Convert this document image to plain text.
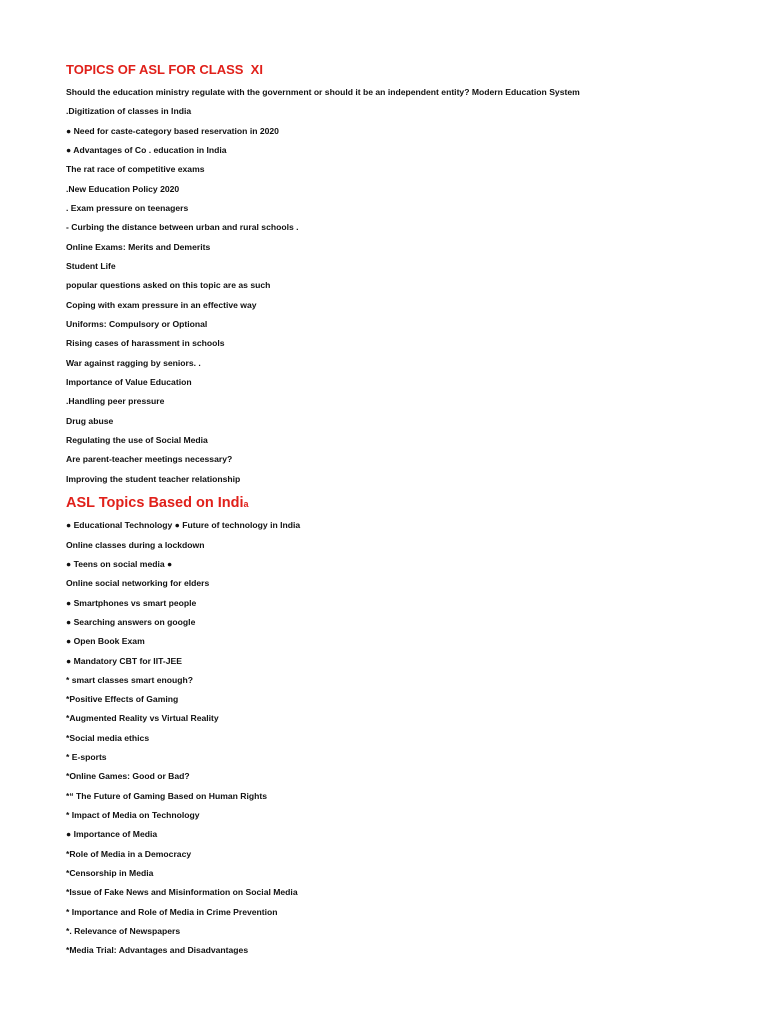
TOPICS OF ASL FOR CLASS  XI
Should the education ministry regulate with the government or should it be an independent entity? Modern Education System
.Digitization of classes in India
● Need for caste-category based reservation in 2020
● Advantages of Co . education in India
The rat race of competitive exams
.New Education Policy 2020
. Exam pressure on teenagers
- Curbing the distance between urban and rural schools .
Online Exams: Merits and Demerits
Student Life
popular questions asked on this topic are as such
Coping with exam pressure in an effective way
Uniforms: Compulsory or Optional
Rising cases of harassment in schools
War against ragging by seniors. .
Importance of Value Education
.Handling peer pressure
Drug abuse
Regulating the use of Social Media
Are parent-teacher meetings necessary?
Improving the student teacher relationship
ASL Topics Based on India
● Educational Technology ● Future of technology in India
Online classes during a lockdown
● Teens on social media ●
Online social networking for elders
● Smartphones vs smart people
● Searching answers on google
● Open Book Exam
● Mandatory CBT for IIT-JEE
* smart classes smart enough?
*Positive Effects of Gaming
*Augmented Reality vs Virtual Reality
*Social media ethics
* E-sports
*Online Games: Good or Bad?
*“ The Future of Gaming Based on Human Rights
* Impact of Media on Technology
● Importance of Media
*Role of Media in a Democracy
*Censorship in Media
*Issue of Fake News and Misinformation on Social Media
* Importance and Role of Media in Crime Prevention
*. Relevance of Newspapers
*Media Trial: Advantages and Disadvantages
